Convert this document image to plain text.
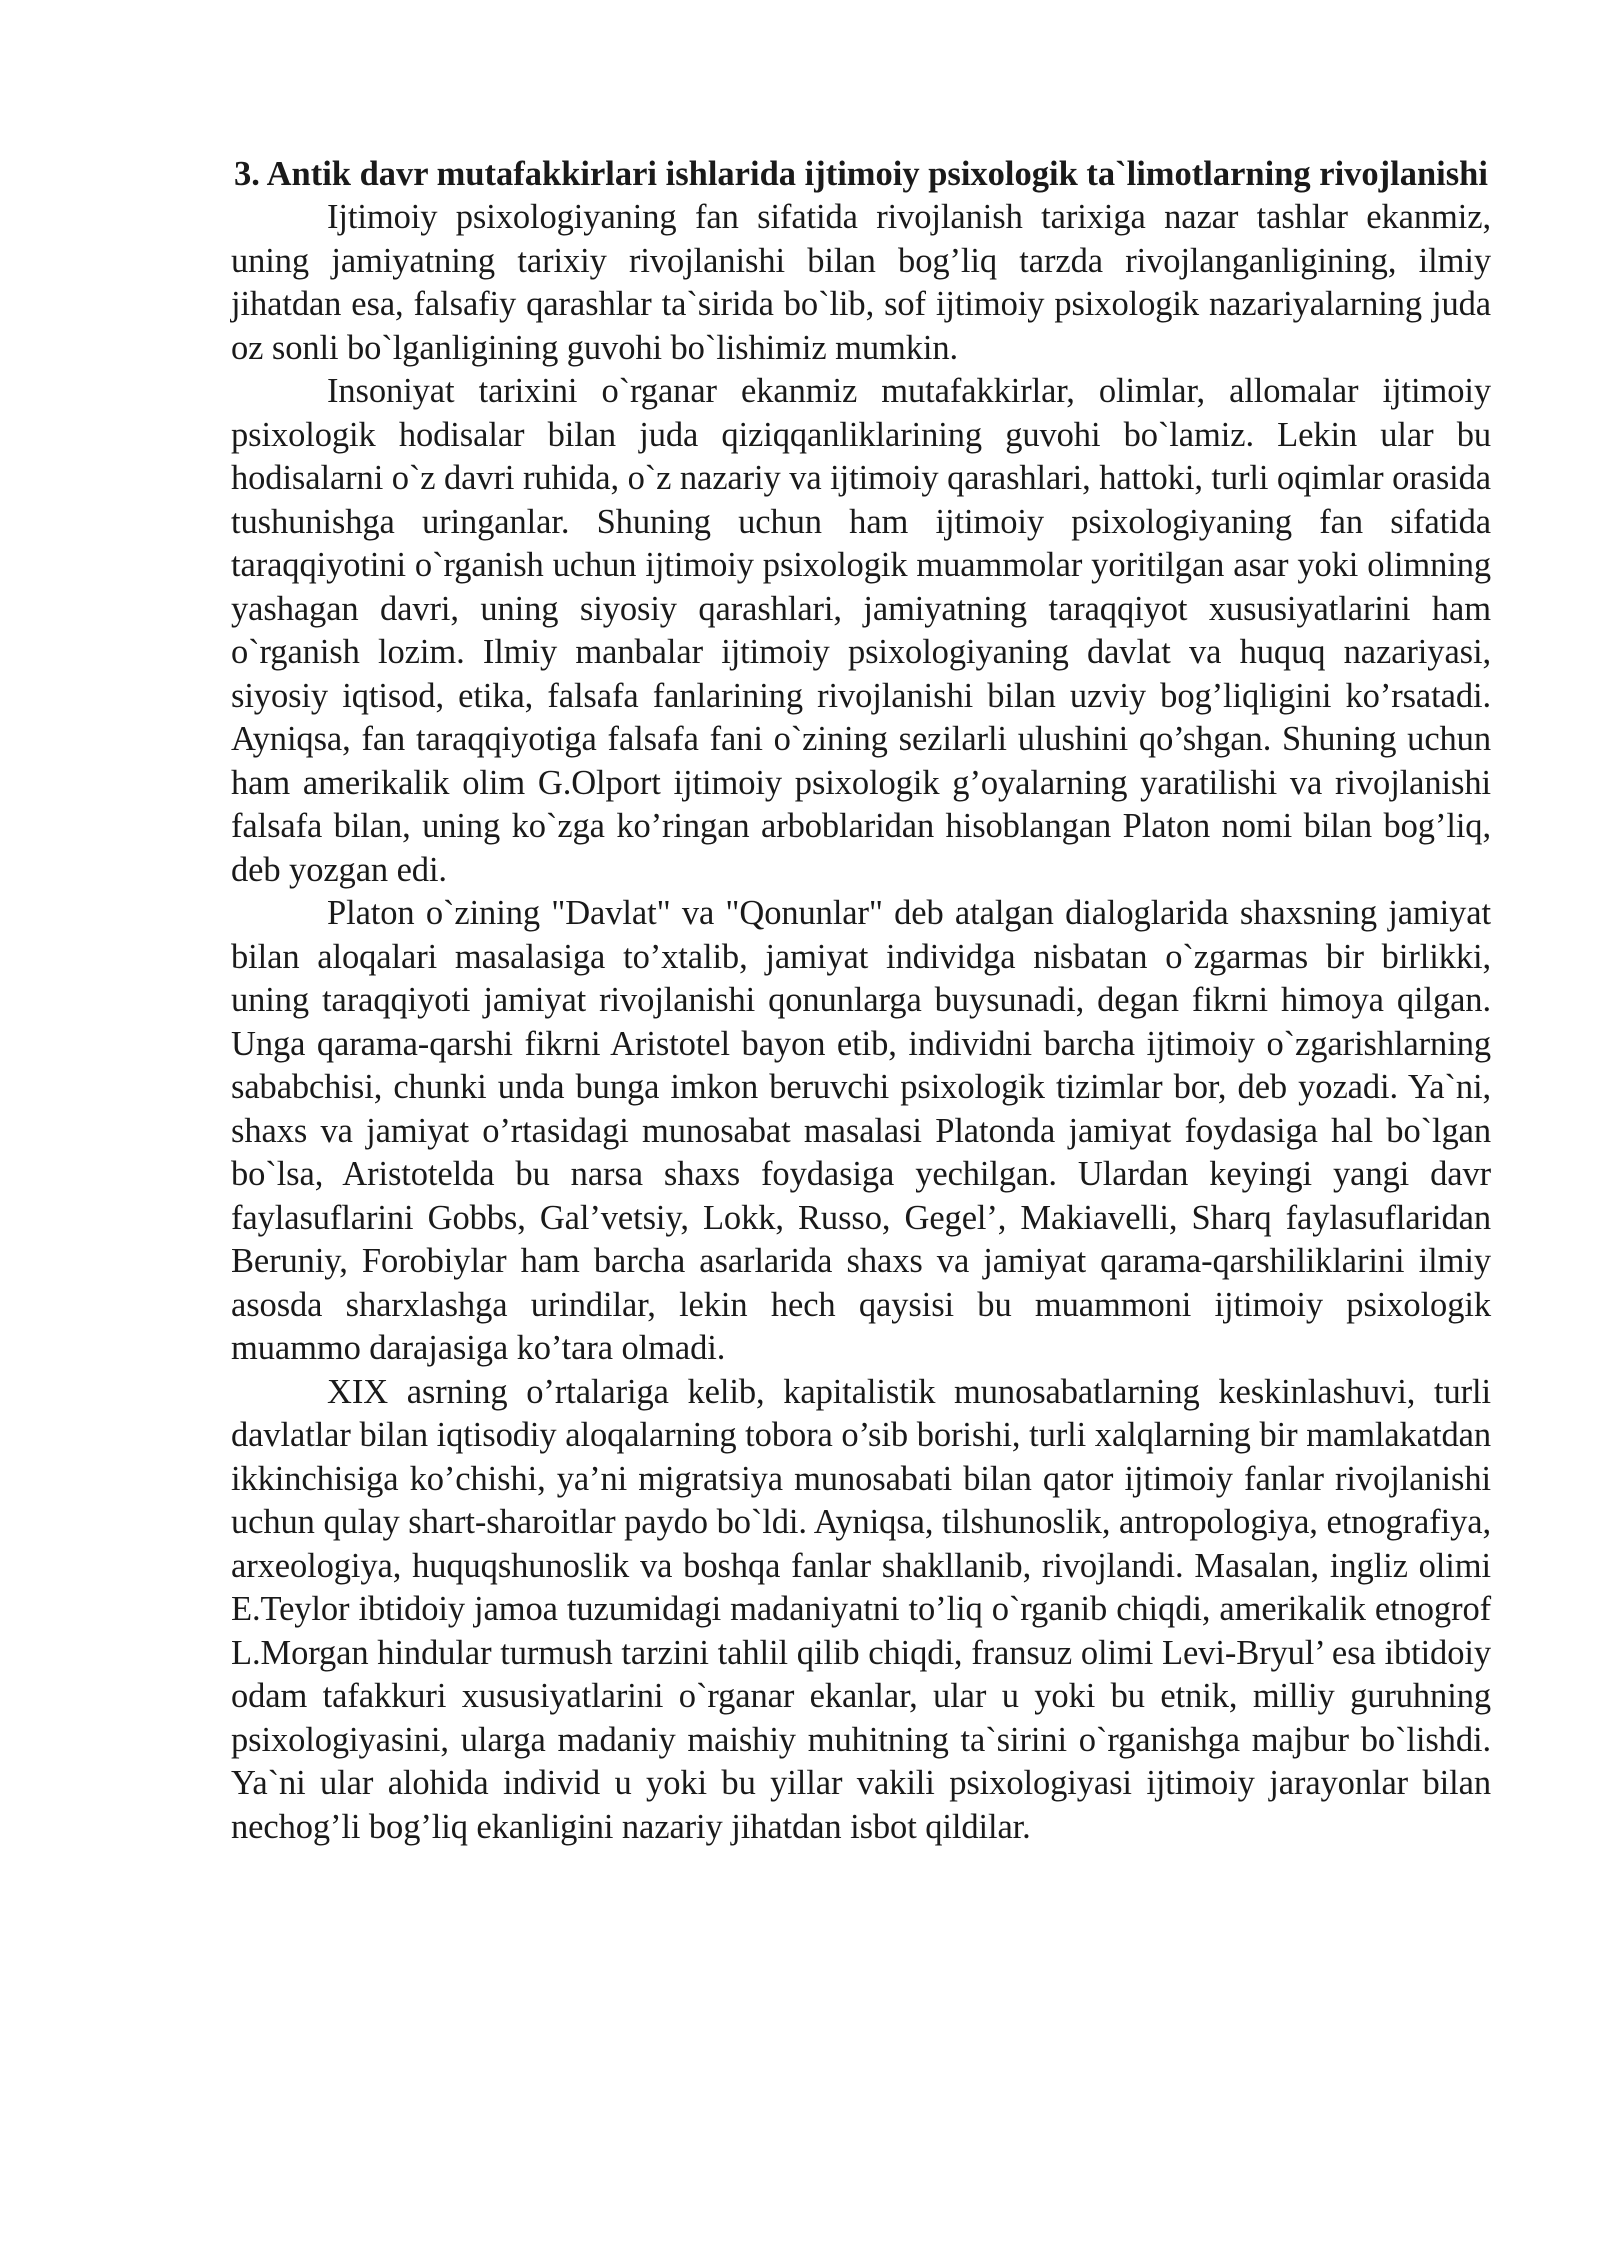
3. Antik davr mutafakkirlari ishlarida ijtimoiy psixologik ta`limotlarning rivojlanishi

Ijtimoiy psixologiyaning fan sifatida rivojlanish tarixiga nazar tashlar ekanmiz, uning jamiyatning tarixiy rivojlanishi bilan bog’liq tarzda rivojlanganligining, ilmiy jihatdan esa, falsafiy qarashlar ta`sirida bo`lib, sof ijtimoiy psixologik nazariyalarning juda oz sonli bo`lganligining guvohi bo`lishimiz mumkin.

Insoniyat tarixini o`rganar ekanmiz mutafakkirlar, olimlar, allomalar ijtimoiy psixologik hodisalar bilan juda qiziqqanliklarining guvohi bo`lamiz. Lekin ular bu hodisalarni o`z davri ruhida, o`z nazariy va ijtimoiy qarashlari, hattoki, turli oqimlar orasida tushunishga uringanlar. Shuning uchun ham ijtimoiy psixologiyaning fan sifatida taraqqiyotini o`rganish uchun ijtimoiy psixologik muammolar yoritilgan asar yoki olimning yashagan davri, uning siyosiy qarashlari, jamiyatning taraqqiyot xususiyatlarini ham o`rganish lozim. Ilmiy manbalar ijtimoiy psixologiyaning davlat va huquq nazariyasi, siyosiy iqtisod, etika, falsafa fanlarining rivojlanishi bilan uzviy bog’liqligini ko’rsatadi. Ayniqsa, fan taraqqiyotiga falsafa fani o`zining sezilarli ulushini qo’shgan. Shuning uchun ham amerikalik olim G.Olport ijtimoiy psixologik g’oyalarning yaratilishi va rivojlanishi falsafa bilan, uning ko`zga ko’ringan arboblaridan hisoblangan Platon nomi bilan bog’liq, deb yozgan edi.

Platon o`zining "Davlat" va "Qonunlar" deb atalgan dialoglarida shaxsning jamiyat bilan aloqalari masalasiga to’xtalib, jamiyat individga nisbatan o`zgarmas bir birlikki, uning taraqqiyoti jamiyat rivojlanishi qonunlarga buysunadi, degan fikrni himoya qilgan. Unga qarama-qarshi fikrni Aristotel bayon etib, individni barcha ijtimoiy o`zgarishlarning sababchisi, chunki unda bunga imkon beruvchi psixologik tizimlar bor, deb yozadi. Ya`ni, shaxs va jamiyat o’rtasidagi munosabat masalasi Platonda jamiyat foydasiga hal bo`lgan bo`lsa, Aristotelda bu narsa shaxs foydasiga yechilgan. Ulardan keyingi yangi davr faylasuflarini Gobbs, Gal’vetsiy, Lokk, Russo, Gegel’, Makiavelli, Sharq faylasuflaridan Beruniy, Forobiylar ham barcha asarlarida shaxs va jamiyat qarama-qarshiliklarini ilmiy asosda sharxlashga urindilar, lekin hech qaysisi bu muammoni ijtimoiy psixologik muammo darajasiga ko’tara olmadi.

XIX asrning o’rtalariga kelib, kapitalistik munosabatlarning keskinlashuvi, turli davlatlar bilan iqtisodiy aloqalarning tobora o’sib borishi, turli xalqlarning bir mamlakatdan ikkinchisiga ko’chishi, ya’ni migratsiya munosabati bilan qator ijtimoiy fanlar rivojlanishi uchun qulay shart-sharoitlar paydo bo`ldi. Ayniqsa, tilshunoslik, antropologiya, etnografiya, arxeologiya, huquqshunoslik va boshqa fanlar shakllanib, rivojlandi. Masalan, ingliz olimi E.Teylor ibtidoiy jamoa tuzumidagi madaniyatni to’liq o`rganib chiqdi, amerikalik etnogrof L.Morgan hindular turmush tarzini tahlil qilib chiqdi, fransuz olimi Levi-Bryul’ esa ibtidoiy odam tafakkuri xususiyatlarini o`rganar ekanlar, ular u yoki bu etnik, milliy guruhning psixologiyasini, ularga madaniy maishiy muhitning ta`sirini o`rganishga majbur bo`lishdi. Ya`ni ular alohida individ u yoki bu yillar vakili psixologiyasi ijtimoiy jarayonlar bilan nechog’li bog’liq ekanligini nazariy jihatdan isbot qildilar.
